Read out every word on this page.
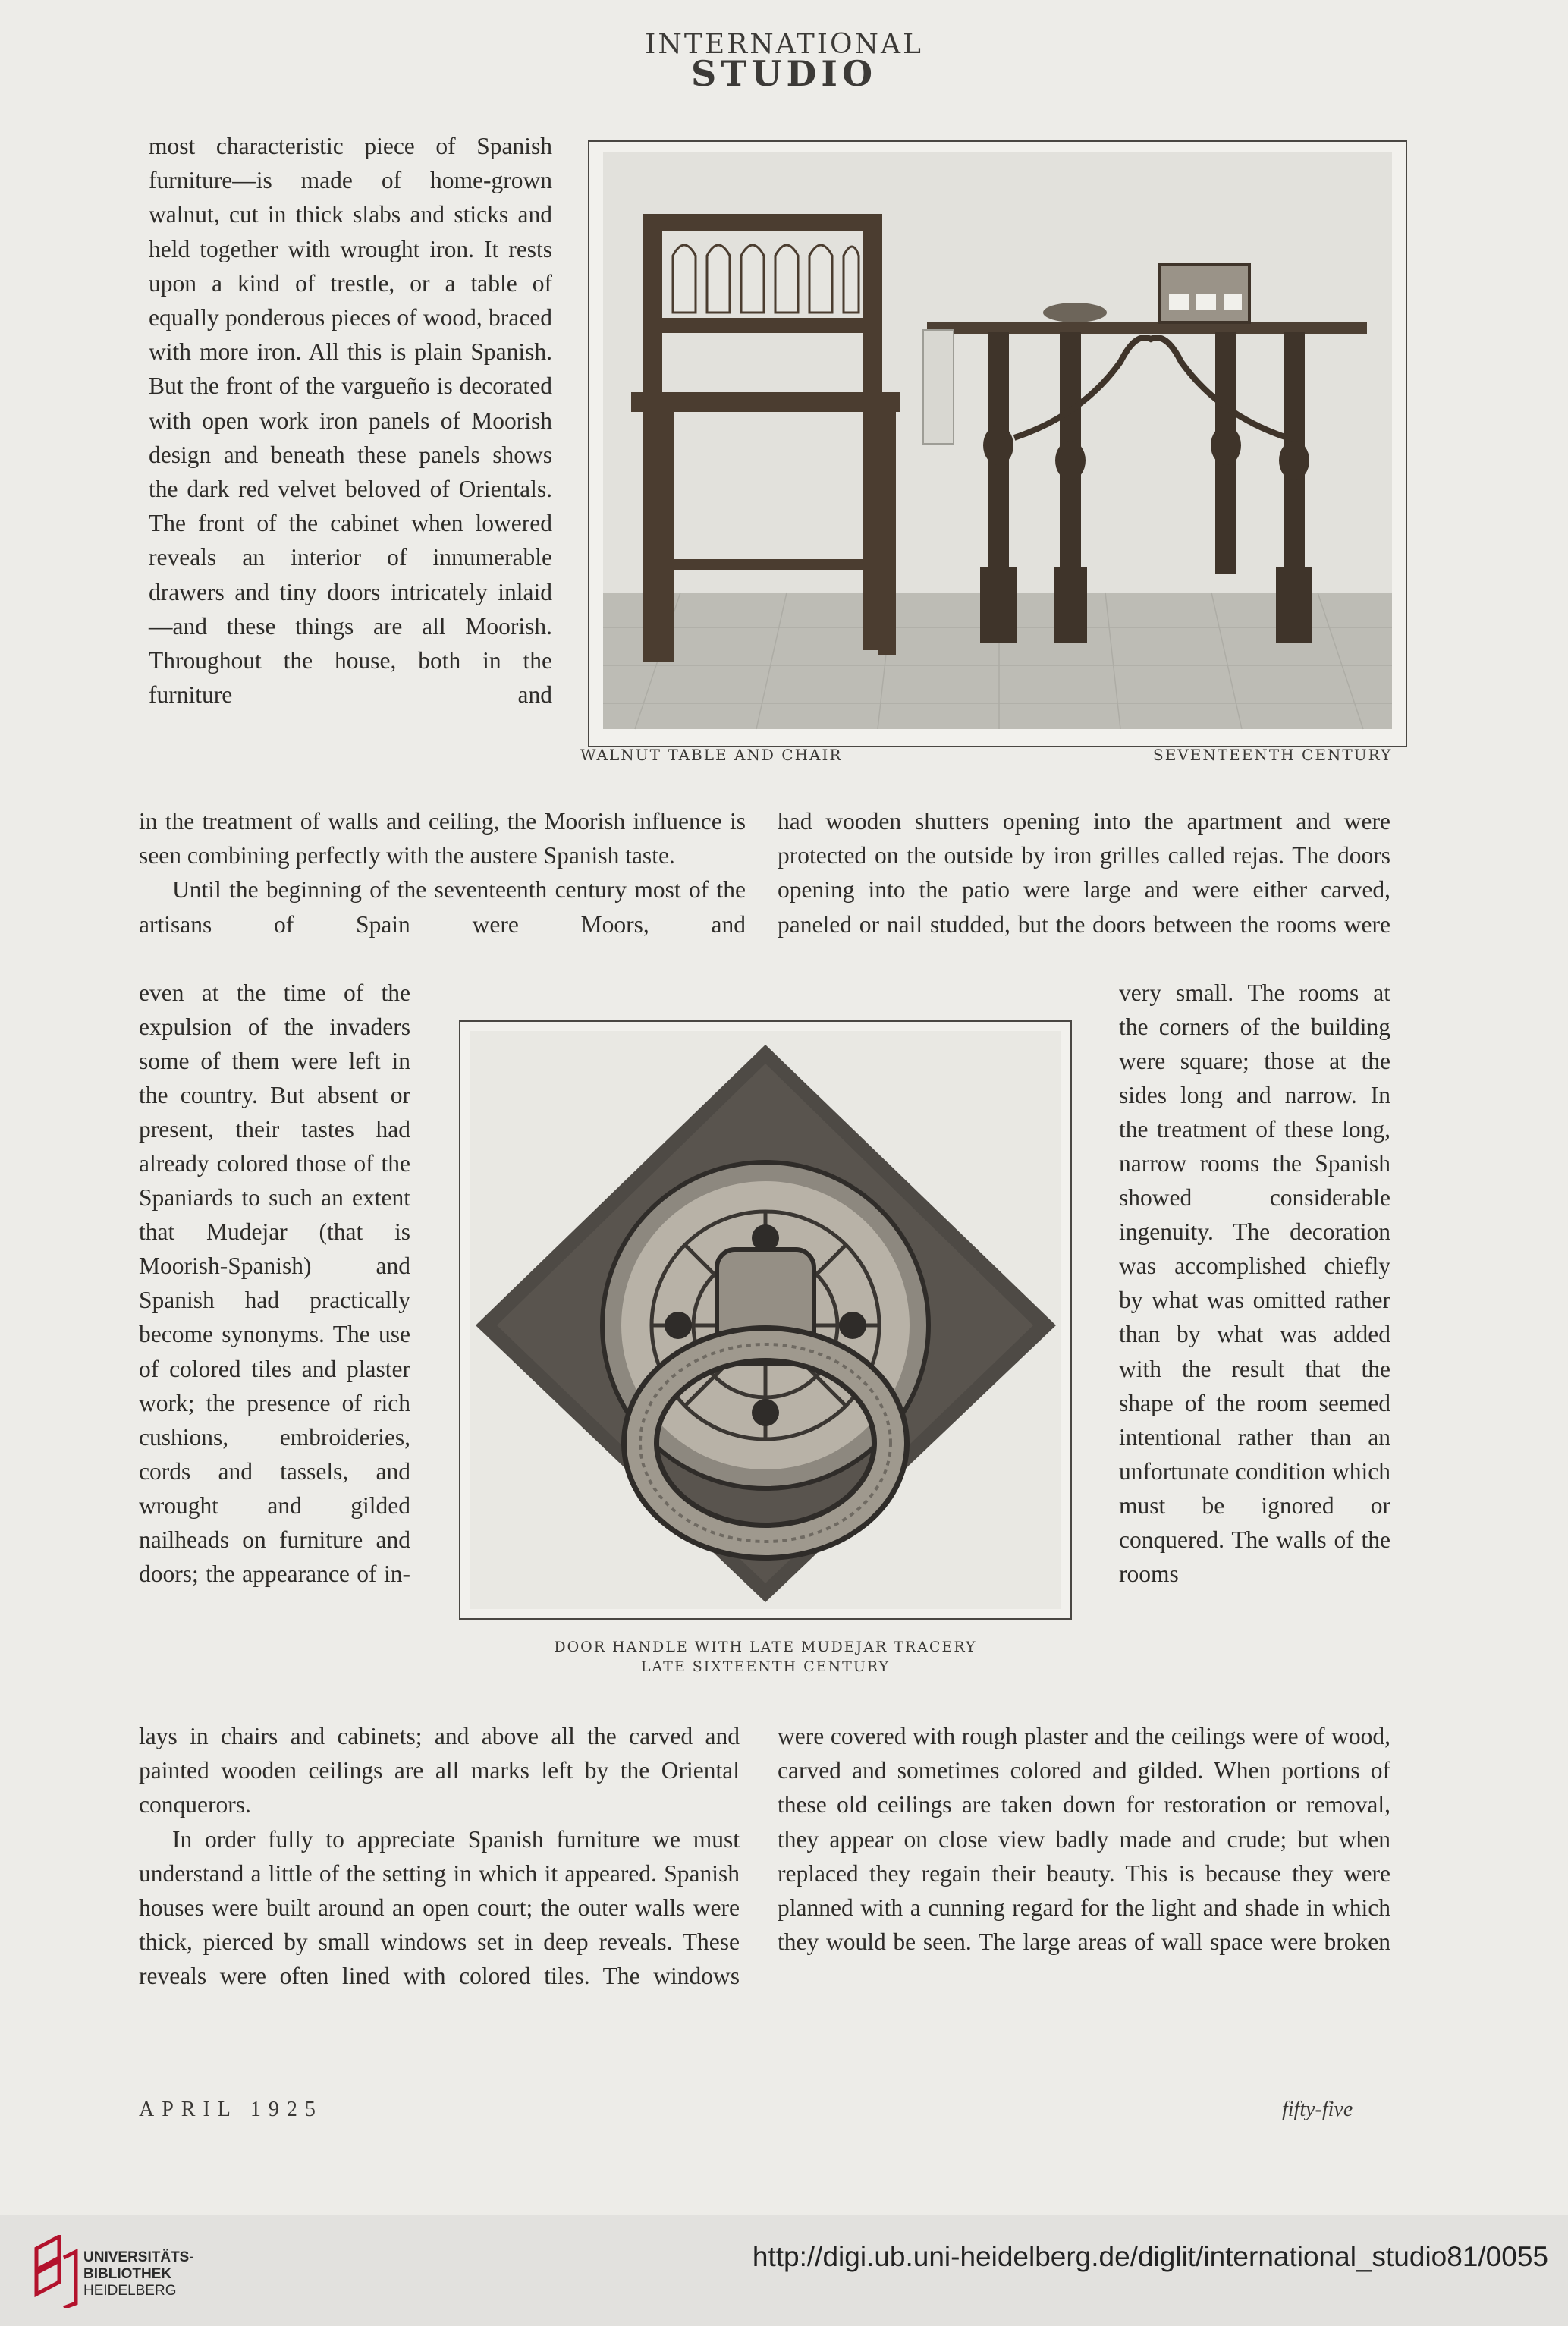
INTERNATIONAL
STUDIO

most characteristic piece of Spanish furniture—is made of home-grown walnut, cut in thick slabs and sticks and held together with wrought iron. It rests upon a kind of trestle, or a table of equally ponderous pieces of wood, braced with more iron. All this is plain Spanish. But the front of the vargueño is decorated with open work iron panels of Moorish design and beneath these panels shows the dark red velvet beloved of Orientals. The front of the cabinet when lowered reveals an interior of innumerable drawers and tiny doors intricately inlaid—and these things are all Moorish. Throughout the house, both in the furniture and

WALNUT TABLE AND CHAIR	SEVENTEENTH CENTURY

in the treatment of walls and ceiling, the Moorish influence is seen combining perfectly with the austere Spanish taste.

Until the beginning of the seventeenth century most of the artisans of Spain were Moors, and

had wooden shutters opening into the apartment and were protected on the outside by iron grilles called rejas. The doors opening into the patio were large and were either carved, paneled or nail studded, but the doors between the rooms were

even at the time of the expulsion of the invaders some of them were left in the country. But absent or present, their tastes had already colored those of the Spaniards to such an extent that Mudejar (that is Moorish-Spanish) and Spanish had practically become synonyms. The use of colored tiles and plaster work; the presence of rich cushions, embroideries, cords and tassels, and wrought and gilded nailheads on furniture and doors; the appearance of in-

very small. The rooms at the corners of the building were square; those at the sides long and narrow. In the treatment of these long, narrow rooms the Spanish showed considerable ingenuity. The decoration was accomplished chiefly by what was omitted rather than by what was added with the result that the shape of the room seemed intentional rather than an unfortunate condition which must be ignored or conquered. The walls of the rooms

DOOR HANDLE WITH LATE MUDEJAR TRACERY
LATE SIXTEENTH CENTURY

lays in chairs and cabinets; and above all the carved and painted wooden ceilings are all marks left by the Oriental conquerors.

In order fully to appreciate Spanish furniture we must understand a little of the setting in which it appeared. Spanish houses were built around an open court; the outer walls were thick, pierced by small windows set in deep reveals. These reveals were often lined with colored tiles. The windows

were covered with rough plaster and the ceilings were of wood, carved and sometimes colored and gilded. When portions of these old ceilings are taken down for restoration or removal, they appear on close view badly made and crude; but when replaced they regain their beauty. This is because they were planned with a cunning regard for the light and shade in which they would be seen. The large areas of wall space were broken

APRIL 1925	fifty-five
UNIVERSITÄTS-
BIBLIOTHEK
HEIDELBERG
http://digi.ub.uni-heidelberg.de/diglit/international_studio81/0055
